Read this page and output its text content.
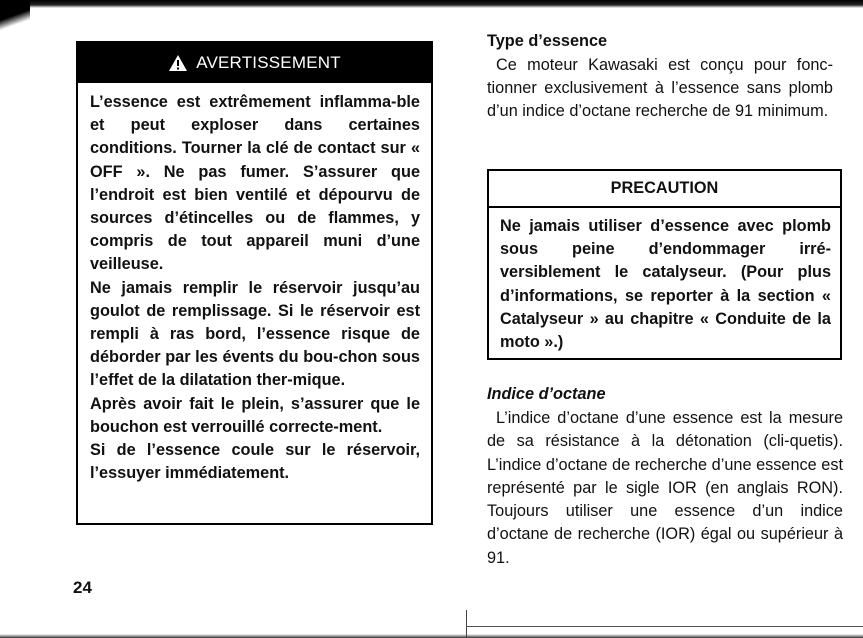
AVERTISSEMENT

L’essence est extrêmement inflamma-ble et peut exploser dans certaines conditions. Tourner la clé de contact sur « OFF ». Ne pas fumer. S’assurer que l’endroit est bien ventilé et dépourvu de sources d’étincelles ou de flammes, y compris de tout appareil muni d’une veilleuse.

Ne jamais remplir le réservoir jusqu’au goulot de remplissage. Si le réservoir est rempli à ras bord, l’essence risque de déborder par les évents du bou-chon sous l’effet de la dilatation ther-mique.

Après avoir fait le plein, s’assurer que le bouchon est verrouillé correcte-ment.

Si de l’essence coule sur le réservoir, l’essuyer immédiatement.

Type d’essence

Ce moteur Kawasaki est conçu pour fonc-tionner exclusivement à l’essence sans plomb d’un indice d’octane recherche de 91 minimum.

PRECAUTION

Ne jamais utiliser d’essence avec plomb sous peine d’endommager irré-versiblement le catalyseur. (Pour plus d’informations, se reporter à la section « Catalyseur » au chapitre « Conduite de la moto ».)

Indice d’octane

L’indice d’octane d’une essence est la mesure de sa résistance à la détonation (cli-quetis). L’indice d’octane de recherche d’une essence est représenté par le sigle IOR (en anglais RON). Toujours utiliser une essence d’un indice d’octane de recherche (IOR) égal ou supérieur à 91.

24
